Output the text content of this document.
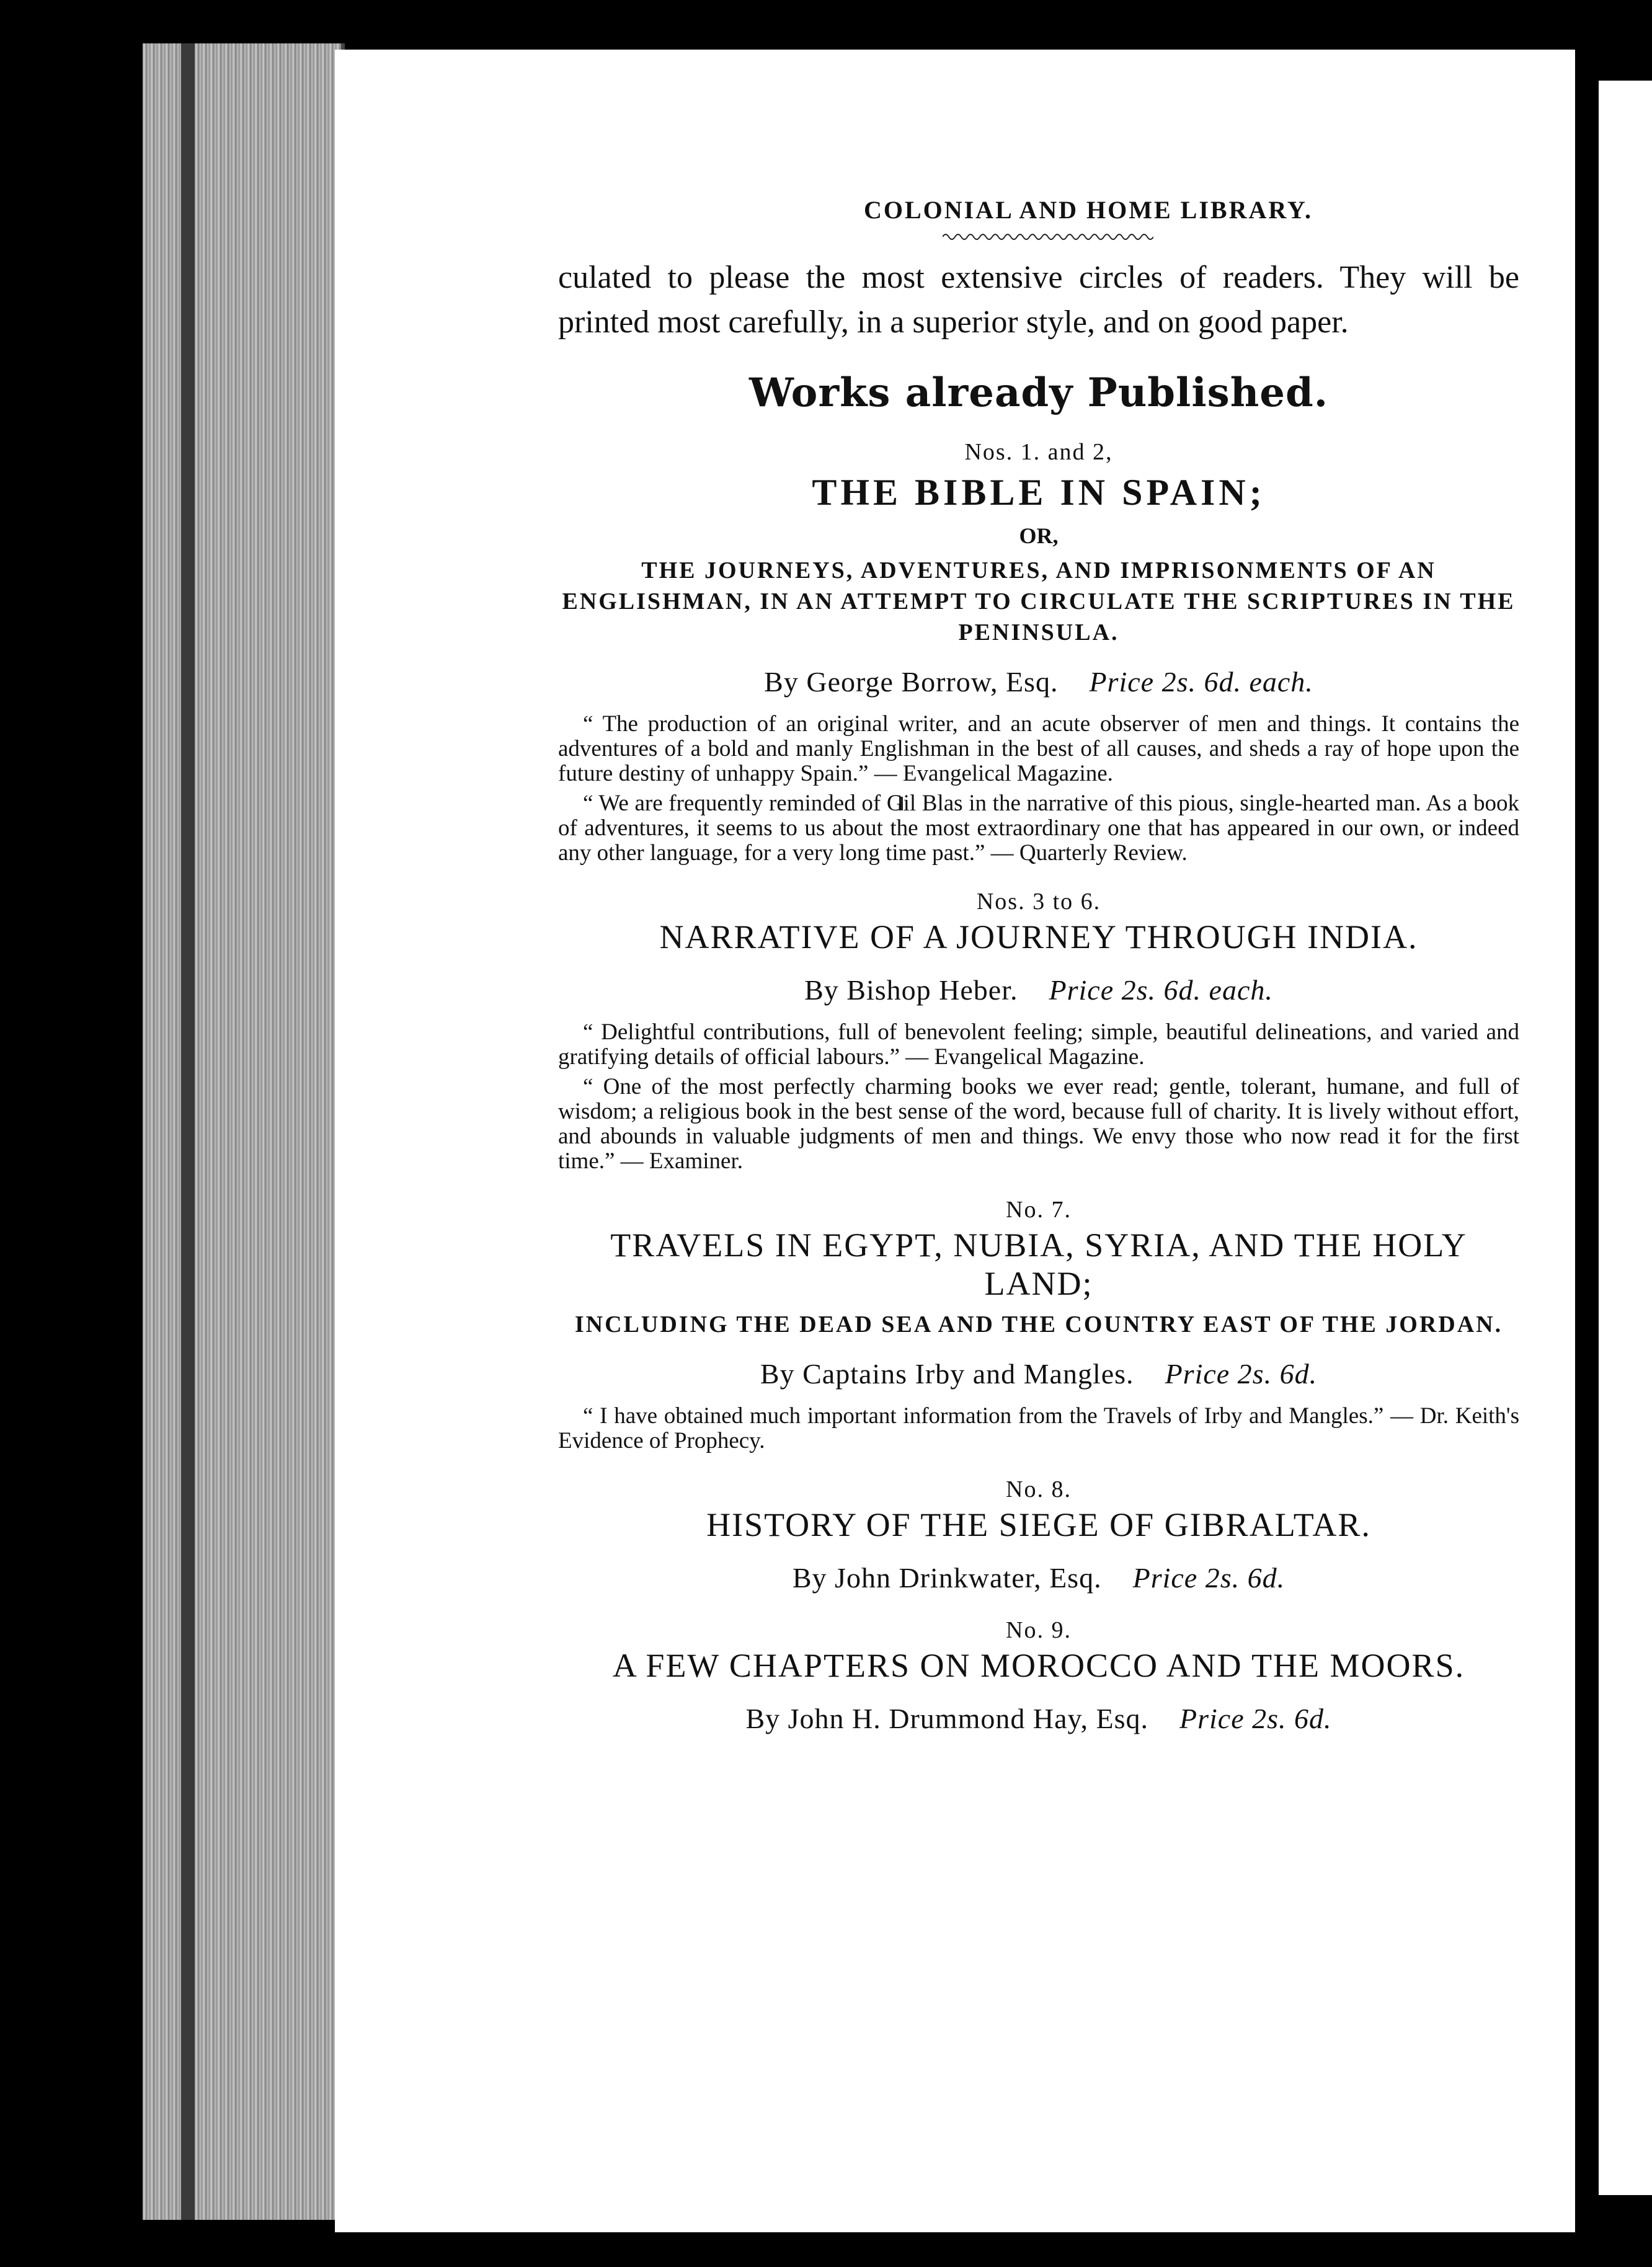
COLONIAL AND HOME LIBRARY.
culated to please the most extensive circles of readers. They will be printed most carefully, in a superior style, and on good paper.
Works already Published.
Nos. 1. and 2,
THE BIBLE IN SPAIN;
OR,
THE JOURNEYS, ADVENTURES, AND IMPRISONMENTS OF AN ENGLISHMAN, IN AN ATTEMPT TO CIRCULATE THE SCRIPTURES IN THE PENINSULA.
By George Borrow, Esq. Price 2s. 6d. each.
“ The production of an original writer, and an acute observer of men and things. It contains the adventures of a bold and manly Englishman in the best of all causes, and sheds a ray of hope upon the future destiny of unhappy Spain.” — Evangelical Magazine.
“ We are frequently reminded of Gil Blas in the narrative of this pious, single-hearted man. As a book of adventures, it seems to us about the most extraordinary one that has appeared in our own, or indeed any other language, for a very long time past.” — Quarterly Review.
Nos. 3 to 6.
NARRATIVE OF A JOURNEY THROUGH INDIA.
By Bishop Heber. Price 2s. 6d. each.
“ Delightful contributions, full of benevolent feeling; simple, beautiful delineations, and varied and gratifying details of official labours.” — Evangelical Magazine.
“ One of the most perfectly charming books we ever read; gentle, tolerant, humane, and full of wisdom; a religious book in the best sense of the word, because full of charity. It is lively without effort, and abounds in valuable judgments of men and things. We envy those who now read it for the first time.” — Examiner.
No. 7.
TRAVELS IN EGYPT, NUBIA, SYRIA, AND THE HOLY LAND;
INCLUDING THE DEAD SEA AND THE COUNTRY EAST OF THE JORDAN.
By Captains Irby and Mangles. Price 2s. 6d.
“ I have obtained much important information from the Travels of Irby and Mangles.” — Dr. Keith's Evidence of Prophecy.
No. 8.
HISTORY OF THE SIEGE OF GIBRALTAR.
By John Drinkwater, Esq. Price 2s. 6d.
No. 9.
A FEW CHAPTERS ON MOROCCO AND THE MOORS.
By John H. Drummond Hay, Esq. Price 2s. 6d.
